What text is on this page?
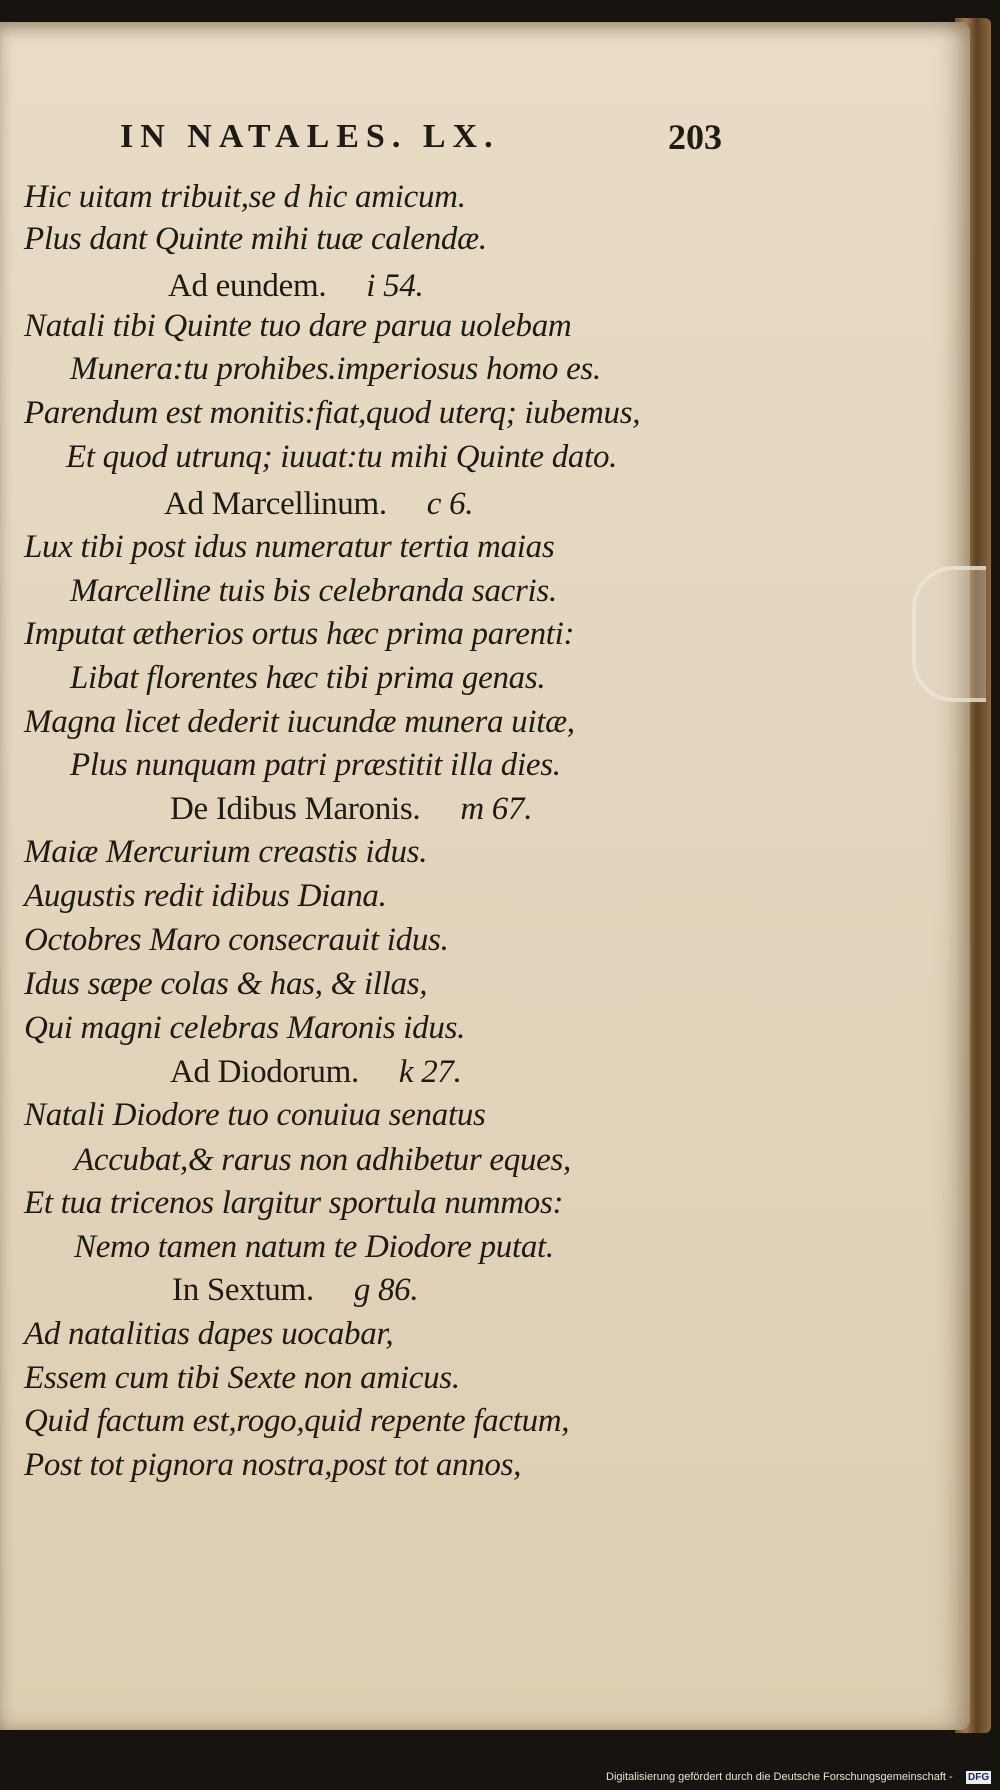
IN NATALES. LX.	203
Hic uitam tribuit,se d hic amicum.
Plus dant Quinte mihi tuæ calendæ.
Ad eundem. i 54.
Natali tibi Quinte tuo dare parua uolebam
Munera:tu prohibes.imperiosus homo es.
Parendum est monitis:fiat,quod uterq; iubemus,
Et quod utrunq; iuuat:tu mihi Quinte dato.
Ad Marcellinum. c 6.
Lux tibi post idus numeratur tertia maias
Marcelline tuis bis celebranda sacris.
Imputat ætherios ortus hæc prima parenti:
Libat florentes hæc tibi prima genas.
Magna licet dederit iucundæ munera uitæ,
Plus nunquam patri præstitit illa dies.
De Idibus Maronis. m 67.
Maiæ Mercurium creastis idus.
Augustis redit idibus Diana.
Octobres Maro consecrauit idus.
Idus sæpe colas & has, & illas,
Qui magni celebras Maronis idus.
Ad Diodorum. k 27.
Natali Diodore tuo conuiua senatus
Accubat,& rarus non adhibetur eques,
Et tua tricenos largitur sportula nummos:
Nemo tamen natum te Diodore putat.
In Sextum. g 86.
Ad natalitias dapes uocabar,
Essem cum tibi Sexte non amicus.
Quid factum est,rogo,quid repente factum,
Post tot pignora nostra,post tot annos,
Digitalisierung gefördert durch die Deutsche Forschungsgemeinschaft - DFG
